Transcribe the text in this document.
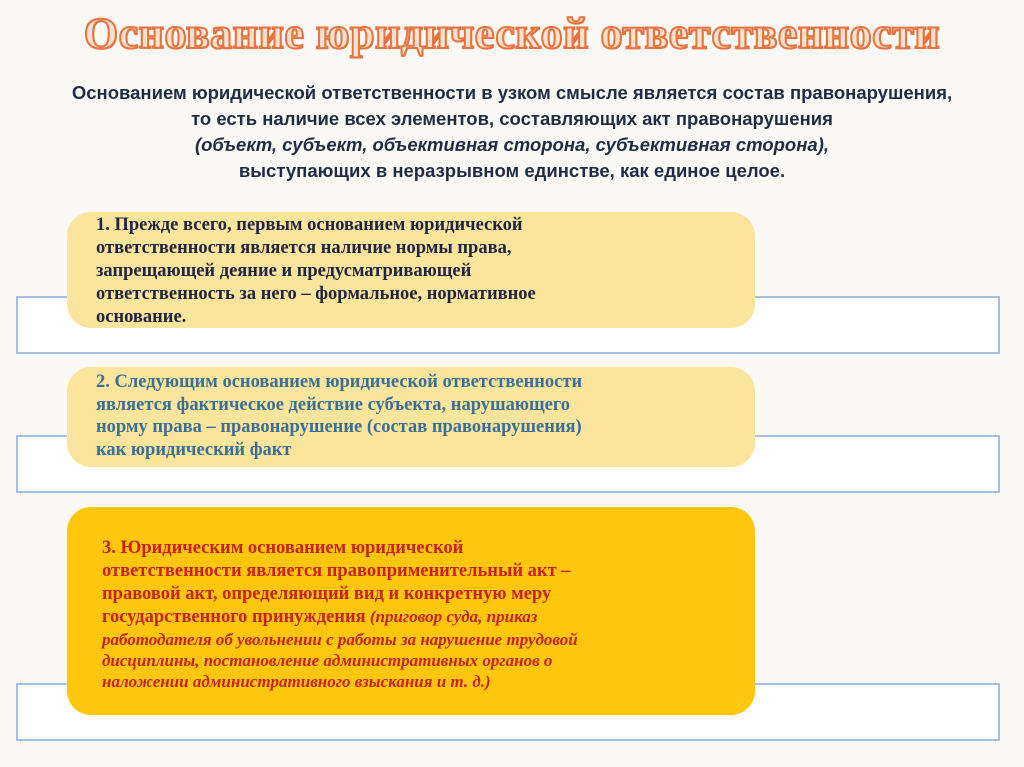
Основание юридической ответственности
Основанием юридической ответственности в узком смысле является состав правонарушения,
то есть наличие всех элементов, составляющих акт правонарушения
(объект, субъект, объективная сторона, субъективная сторона),
выступающих в неразрывном единстве, как единое целое.
1. Прежде всего, первым основанием юридической
ответственности является наличие нормы права,
запрещающей деяние и предусматривающей
ответственность за него – формальное, нормативное
основание.
2. Следующим основанием юридической ответственности
является фактическое действие субъекта, нарушающего
норму права – правонарушение (состав правонарушения)
как юридический факт
3. Юридическим основанием юридической
ответственности является правоприменительный акт –
правовой акт, определяющий вид и конкретную меру
государственного принуждения (приговор суда, приказ
работодателя об увольнении с работы за нарушение трудовой
дисциплины, постановление административных органов о
наложении административного взыскания и т. д.)
